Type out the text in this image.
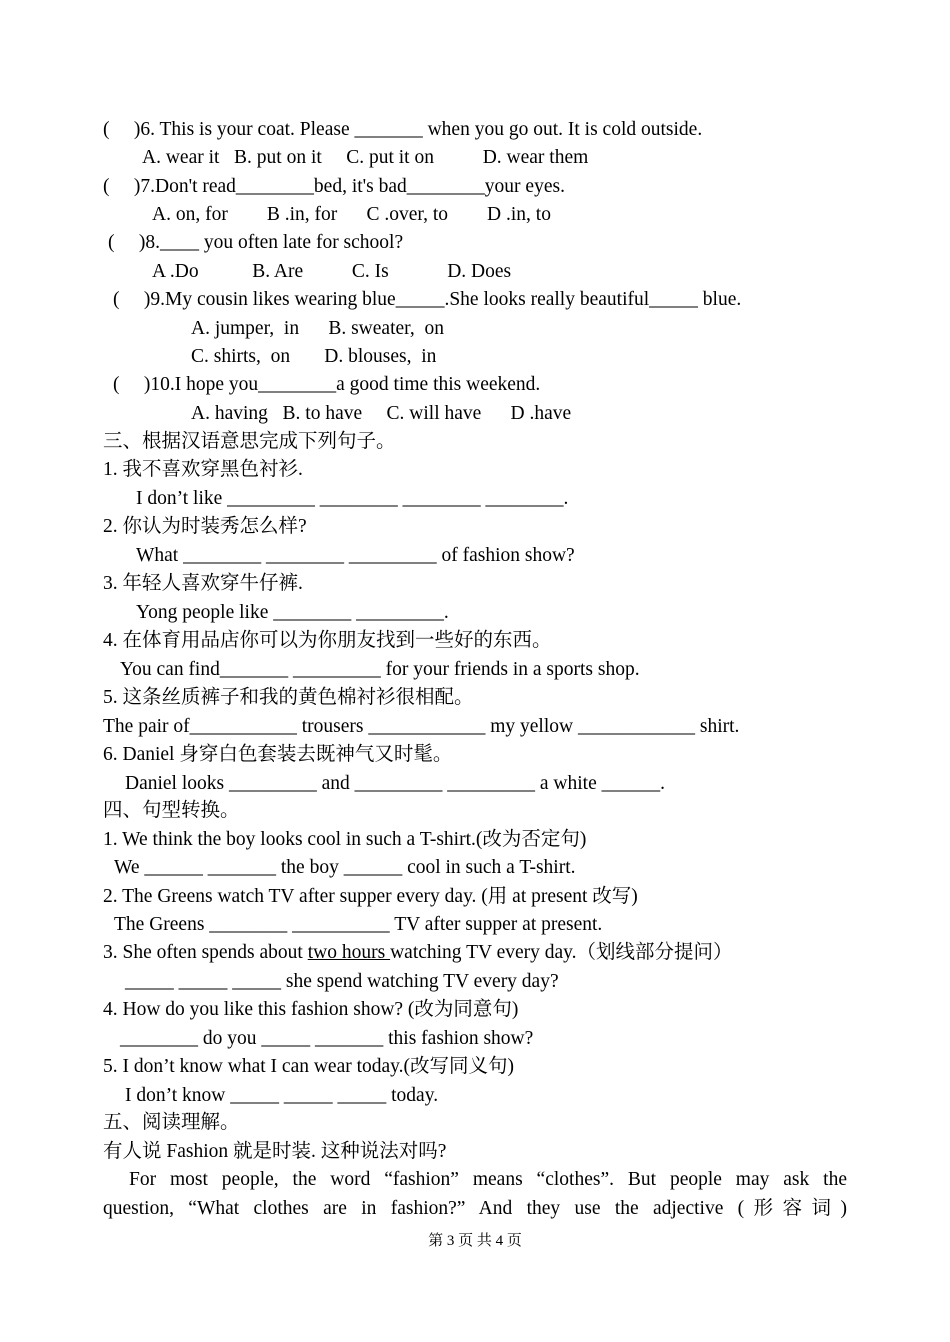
(     )6. This is your coat. Please _______ when you go out. It is cold outside.
A. wear it   B. put on it     C. put it on          D. wear them
(     )7.Don't read________bed, it's bad________your eyes.
A. on, for        B .in, for      C .over, to        D .in, to
(     )8.____ you often late for school?
A .Do           B. Are          C. Is            D. Does
(     )9.My cousin likes wearing blue_____.She looks really beautiful_____ blue.
A. jumper,  in      B. sweater,  on
C. shirts,  on       D. blouses,  in
(     )10.I hope you________a good time this weekend.
A. having   B. to have     C. will have      D .have
三、根据汉语意思完成下列句子。
1. 我不喜欢穿黑色衬衫.
I don’t like _________ ________ ________ ________.
2. 你认为时装秀怎么样?
What ________ ________ _________ of fashion show?
3. 年轻人喜欢穿牛仔裤.
Yong people like ________ _________.
4. 在体育用品店你可以为你朋友找到一些好的东西。
You can find_______ _________ for your friends in a sports shop.
5. 这条丝质裤子和我的黄色棉衬衫很相配。
The pair of___________ trousers ____________ my yellow ____________ shirt.
6. Daniel 身穿白色套装去既神气又时髦。
Daniel looks _________ and _________ _________ a white ______.
四、句型转换。
1. We think the boy looks cool in such a T-shirt.(改为否定句)
We ______ _______ the boy ______ cool in such a T-shirt.
2. The Greens watch TV after supper every day. (用 at present 改写)
The Greens ________ __________ TV after supper at present.
3. She often spends about two hours watching TV every day.（划线部分提问）
_____ _____ _____ she spend watching TV every day?
4. How do you like this fashion show? (改为同意句)
________ do you _____ _______ this fashion show?
5. I don’t know what I can wear today.(改写同义句)
I don’t know _____ _____ _____ today.
五、阅读理解。
有人说 Fashion 就是时装. 这种说法对吗?
For most people, the word “fashion” means “clothes”. But people may ask the
question, “What clothes are in fashion?” And they use the adjective (形容词)
第 3 页 共 4 页
